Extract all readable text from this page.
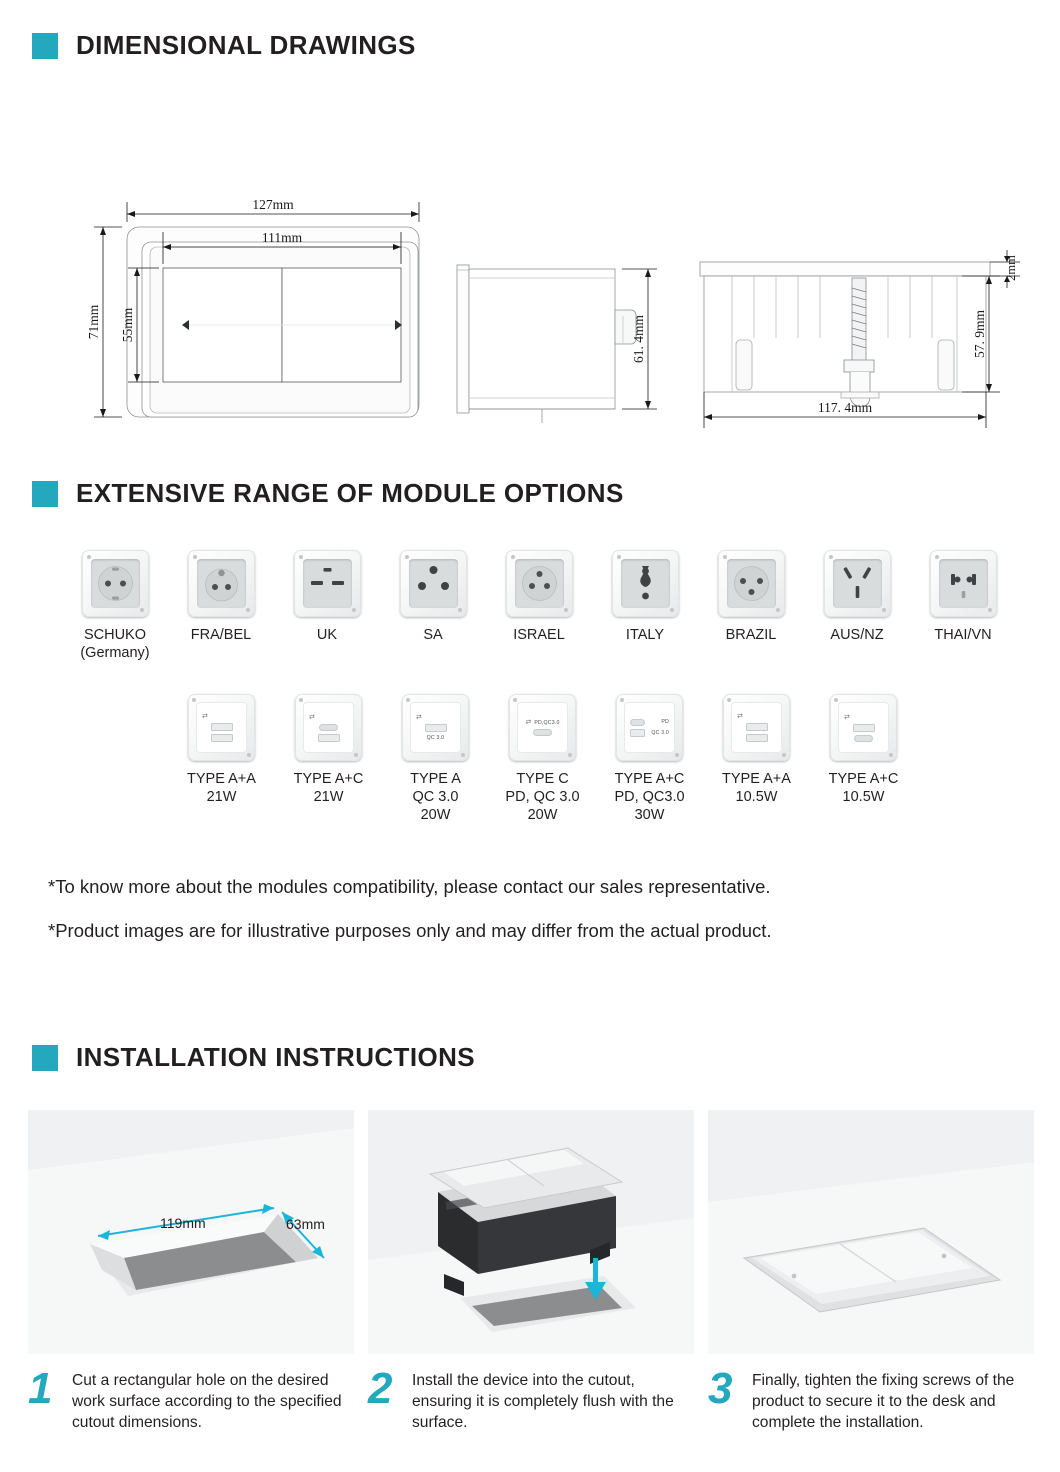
DIMENSIONAL DRAWINGS
127mm
111mm
71mm 55mm	61. 4mm
2mm
57. 9mm
117. 4mm
EXTENSIVE RANGE OF MODULE OPTIONS
SCHUKO
(Germany)
FRA/BEL	UK	SA	ISRAEL	ITALY	BRAZIL	AUS/NZ	THAI/VN
⇄
TYPE A+A
21W
⇄
TYPE A+C
21W
⇄
QC 3.0
TYPE A
QC 3.0
20W
⇄ PD,QC3.0
TYPE C
PD, QC 3.0
20W
PD
QC 3.0
TYPE A+C
PD, QC3.0
30W
⇄
TYPE A+A
10.5W
⇄
TYPE A+C
10.5W

*To know more about the modules compatibility, please contact our sales representative.

*Product images are for illustrative purposes only and may differ from the actual product.

INSTALLATION INSTRUCTIONS
119mm	63mm
1	Cut a rectangular hole on the desired work surface according to the specified cutout dimensions.
2	Install the device into the cutout, ensuring it is completely flush with the surface.
3	Finally, tighten the fixing screws of the product to secure it to the desk and complete the installation.
